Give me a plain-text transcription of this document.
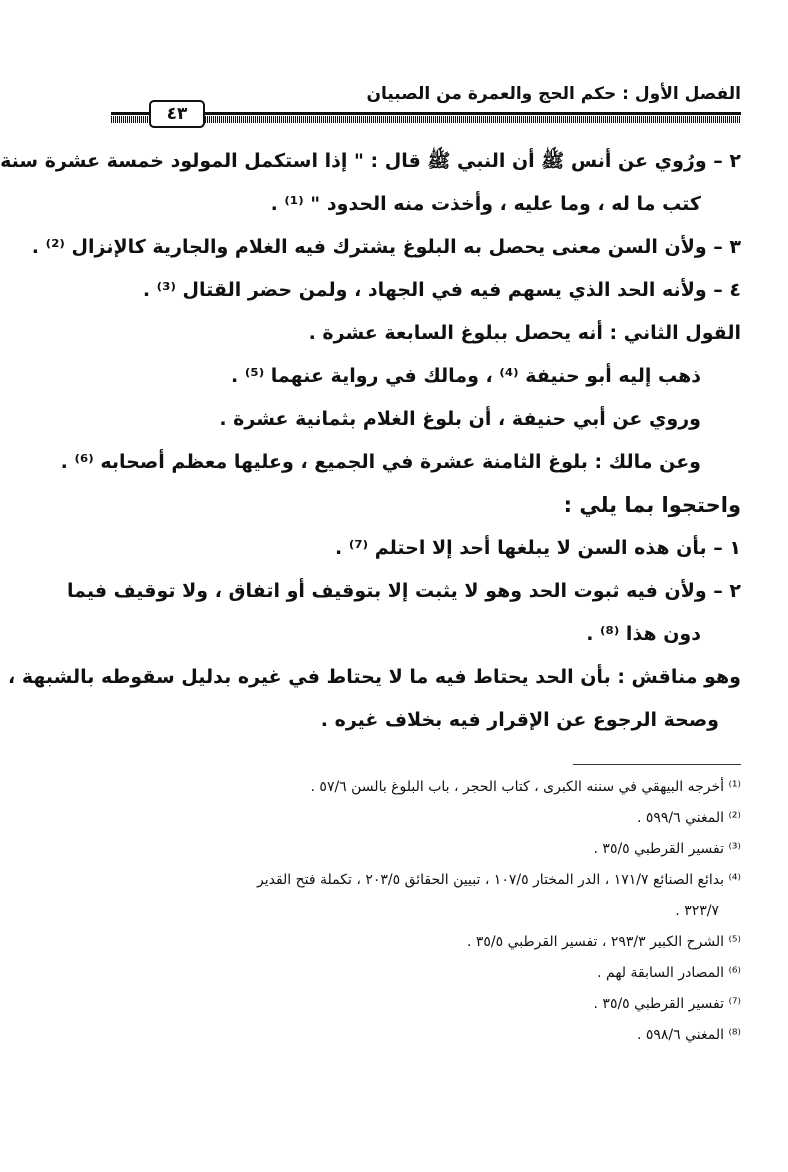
الفصل الأول : حكم الحج والعمرة من الصبيان
٤٣
٢ – ورُوي عن أنس ﷺ أن النبي ﷺ قال : " إذا استكمل المولود خمسة عشرة سنة
كتب ما له ، وما عليه ، وأخذت منه الحدود " ⁽¹⁾ .
٣ – ولأن السن معنى يحصل به البلوغ يشترك فيه الغلام والجارية كالإنزال ⁽²⁾ .
٤ – ولأنه الحد الذي يسهم فيه في الجهاد ، ولمن حضر القتال ⁽³⁾ .
القول الثاني : أنه يحصل ببلوغ السابعة عشرة .
ذهب إليه أبو حنيفة ⁽⁴⁾ ، ومالك في رواية عنهما ⁽⁵⁾ .
وروي عن أبي حنيفة ، أن بلوغ الغلام بثمانية عشرة .
وعن مالك : بلوغ الثامنة عشرة في الجميع ، وعليها معظم أصحابه ⁽⁶⁾ .
واحتجوا بما يلي :
١ – بأن هذه السن لا يبلغها أحد إلا احتلم ⁽⁷⁾ .
٢ – ولأن فيه ثبوت الحد وهو لا يثبت إلا بتوقيف أو اتفاق ، ولا توقيف فيما
دون هذا ⁽⁸⁾ .
وهو مناقش : بأن الحد يحتاط فيه ما لا يحتاط في غيره بدليل سقوطه بالشبهة ،
وصحة الرجوع عن الإقرار فيه بخلاف غيره .
⁽¹⁾ أخرجه البيهقي في سننه الكبرى ، كتاب الحجر ، باب البلوغ بالسن ٥٧/٦ .
⁽²⁾ المغني ٥٩٩/٦ .
⁽³⁾ تفسير القرطبي ٣٥/٥ .
⁽⁴⁾ بدائع الصنائع ١٧١/٧ ، الدر المختار ١٠٧/٥ ، تبيين الحقائق ٢٠٣/٥ ، تكملة فتح القدير
٣٢٣/٧ .
⁽⁵⁾ الشرح الكبير ٢٩٣/٣ ، تفسير القرطبي ٣٥/٥ .
⁽⁶⁾ المصادر السابقة لهم .
⁽⁷⁾ تفسير القرطبي ٣٥/٥ .
⁽⁸⁾ المغني ٥٩٨/٦ .
